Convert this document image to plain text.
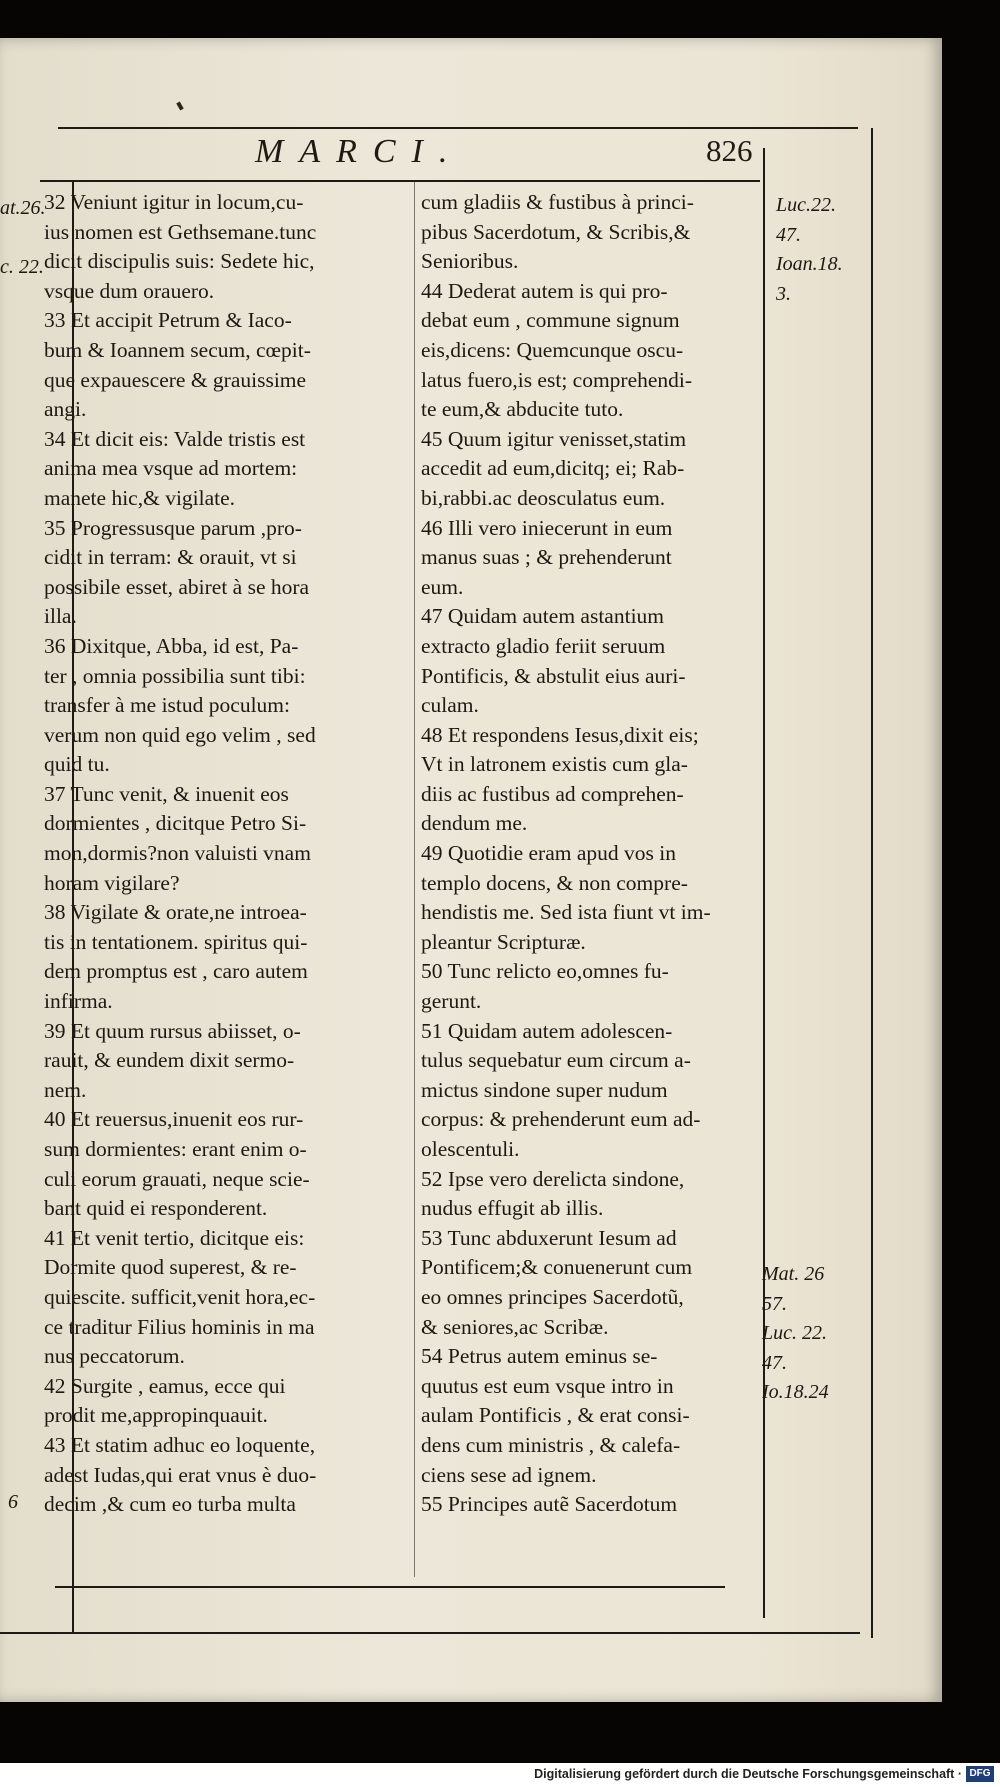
MARCI.	826
32 Veniunt igitur in locum,cu-
ius nomen est Gethsemane.tunc
dicit discipulis suis: Sedete hic,
vsque dum orauero.
33 Et accipit Petrum & Iaco-
bum & Ioannem secum, cœpit-
que expauescere & grauissime
angi.
34 Et dicit eis: Valde tristis est
anima mea vsque ad mortem:
manete hic,& vigilate.
35 Progressusque parum ,pro-
cidit in terram: & orauit, vt si
possibile esset, abiret à se hora
illa.
36 Dixitque, Abba, id est, Pa-
ter , omnia possibilia sunt tibi:
transfer à me istud poculum:
verum non quid ego velim , sed
quid tu.
37 Tunc venit, & inuenit eos
dormientes , dicitque Petro Si-
mon,dormis?non valuisti vnam
horam vigilare?
38 Vigilate & orate,ne introea-
tis in tentationem. spiritus qui-
dem promptus est , caro autem
infirma.
39 Et quum rursus abiisset, o-
rauit, & eundem dixit sermo-
nem.
40 Et reuersus,inuenit eos rur-
sum dormientes: erant enim o-
culi eorum grauati, neque scie-
bant quid ei responderent.
41 Et venit tertio, dicitque eis:
Dormite quod superest, & re-
quiescite. sufficit,venit hora,ec-
ce traditur Filius hominis in ma
nus peccatorum.
42 Surgite , eamus, ecce qui
prodit me,appropinquauit.
43 Et statim adhuc eo loquente,
adest Iudas,qui erat vnus è duo-
decim ,& cum eo turba multa
cum gladiis & fustibus à princi-
pibus Sacerdotum, & Scribis,&
Senioribus.
44 Dederat autem is qui pro-
debat eum , commune signum
eis,dicens: Quemcunque oscu-
latus fuero,is est; comprehendi-
te eum,& abducite tuto.
45 Quum igitur venisset,statim
accedit ad eum,dicitq; ei; Rab-
bi,rabbi.ac deosculatus eum.
46 Illi vero iniecerunt in eum
manus suas ; & prehenderunt
eum.
47 Quidam autem astantium
extracto gladio feriit seruum
Pontificis, & abstulit eius auri-
culam.
48 Et respondens Iesus,dixit eis;
Vt in latronem existis cum gla-
diis ac fustibus ad comprehen-
dendum me.
49 Quotidie eram apud vos in
templo docens, & non compre-
hendistis me. Sed ista fiunt vt im-
pleantur Scripturæ.
50 Tunc relicto eo,omnes fu-
gerunt.
51 Quidam autem adolescen-
tulus sequebatur eum circum a-
mictus sindone super nudum
corpus: & prehenderunt eum ad-
olescentuli.
52 Ipse vero derelicta sindone,
nudus effugit ab illis.
53 Tunc abduxerunt Iesum ad
Pontificem;& conuenerunt cum
eo omnes principes Sacerdotũ,
& seniores,ac Scribæ.
54 Petrus autem eminus se-
quutus est eum vsque intro in
aulam Pontificis , & erat consi-
dens cum ministris , & calefa-
ciens sese ad ignem.
55 Principes autẽ Sacerdotum
at.26.
c. 22.
6
Luc.22.
47.
Ioan.18.
3.
Mat. 26
57.
Luc. 22.
47.
Io.18.24
Digitalisierung gefördert durch die Deutsche Forschungsgemeinschaft · DFG
